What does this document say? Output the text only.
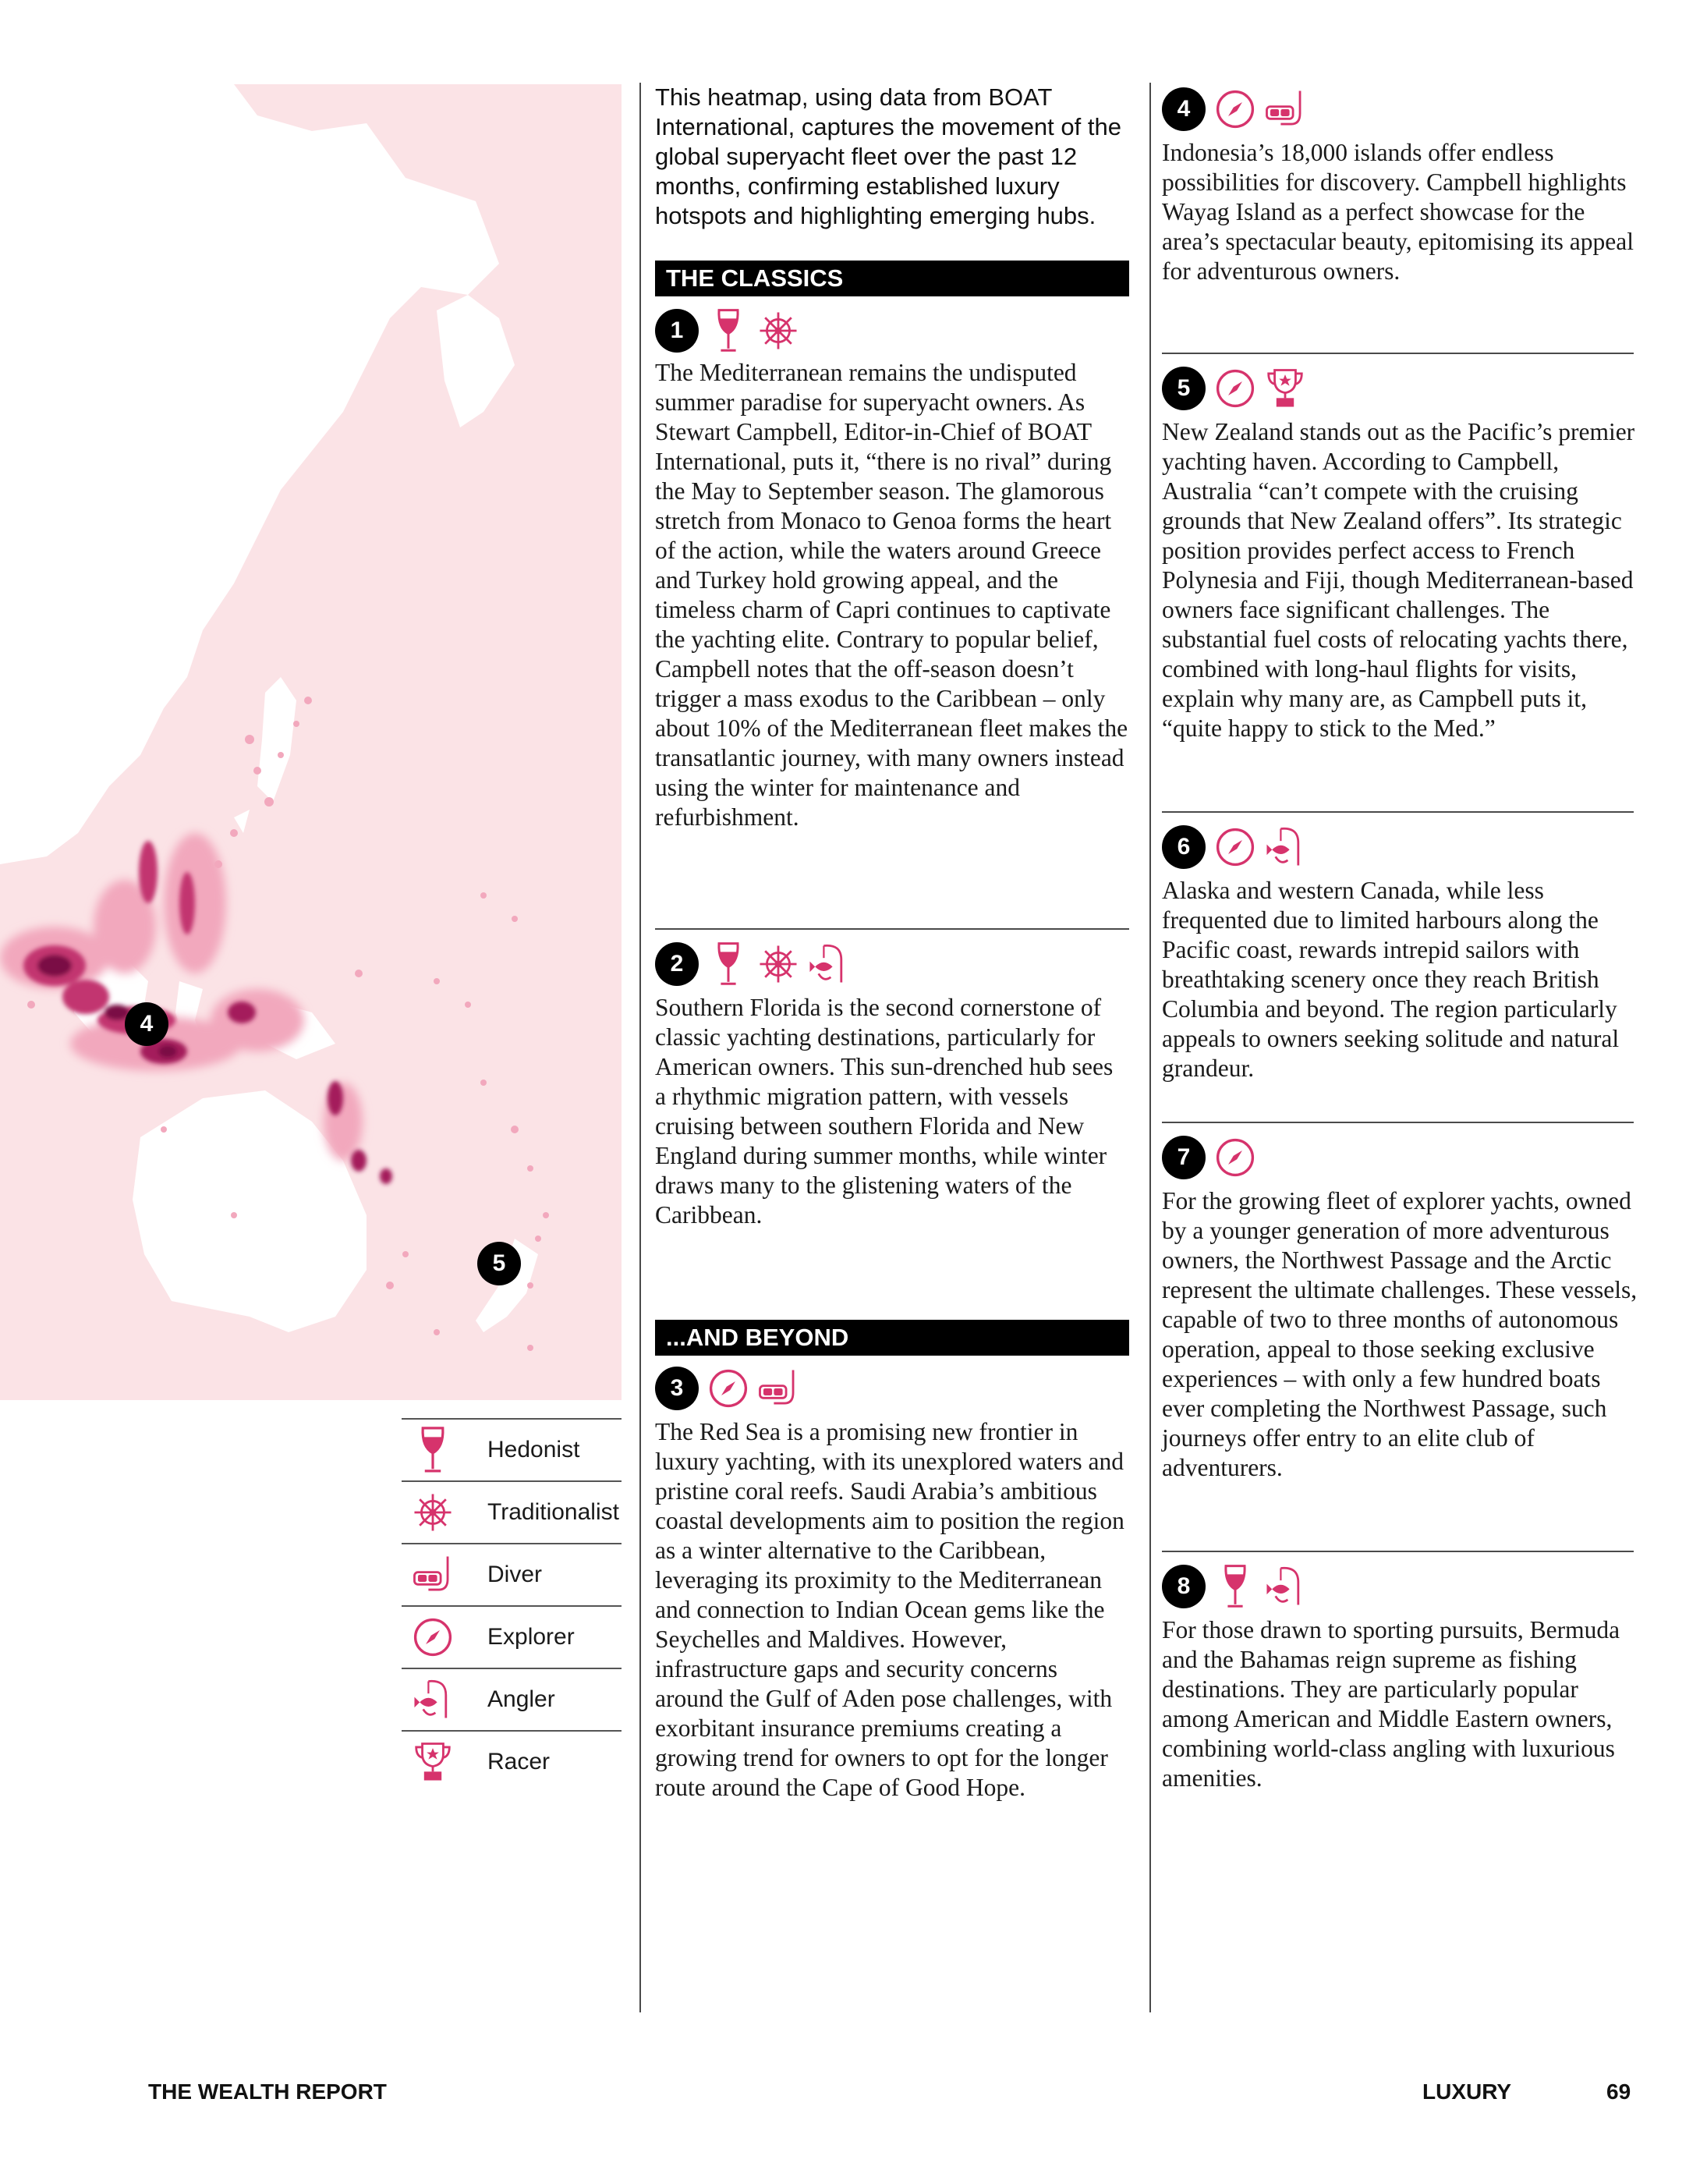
4
5
Hedonist
Traditionalist
Diver
Explorer
Angler
Racer
This heatmap, using data from BOAT International, captures the movement of the global superyacht fleet over the past 12 months, confirming established luxury hotspots and highlighting emerging hubs.
THE CLASSICS
1
The Mediterranean remains the undisputed summer paradise for superyacht owners. As Stewart Campbell, Editor-in-Chief of BOAT International, puts it, “there is no rival” during the May to September season. The glamorous stretch from Monaco to Genoa forms the heart of the action, while the waters around Greece and Turkey hold growing appeal, and the timeless charm of Capri continues to captivate the yachting elite. Contrary to popular belief, Campbell notes that the off-season doesn’t trigger a mass exodus to the Caribbean – only about 10% of the Mediterranean fleet makes the transatlantic journey, with many owners instead using the winter for maintenance and refurbishment.
2
Southern Florida is the second cornerstone of classic yachting destinations, particularly for American owners. This sun-drenched hub sees a rhythmic migration pattern, with vessels cruising between southern Florida and New England during summer months, while winter draws many to the glistening waters of the Caribbean.
...AND BEYOND
3
The Red Sea is a promising new frontier in luxury yachting, with its unexplored waters and pristine coral reefs. Saudi Arabia’s ambitious coastal developments aim to position the region as a winter alternative to the Caribbean, leveraging its proximity to the Mediterranean and connection to Indian Ocean gems like the Seychelles and Maldives. However, infrastructure gaps and security concerns around the Gulf of Aden pose challenges, with exorbitant insurance premiums creating a growing trend for owners to opt for the longer route around the Cape of Good Hope.
4
Indonesia’s 18,000 islands offer endless possibilities for discovery. Campbell highlights Wayag Island as a perfect showcase for the area’s spectacular beauty, epitomising its appeal for adventurous owners.
5
New Zealand stands out as the Pacific’s premier yachting haven. According to Campbell, Australia “can’t compete with the cruising grounds that New Zealand offers”. Its strategic position provides perfect access to French Polynesia and Fiji, though Mediterranean-based owners face significant challenges. The substantial fuel costs of relocating yachts there, combined with long-haul flights for visits, explain why many are, as Campbell puts it, “quite happy to stick to the Med.”
6
Alaska and western Canada, while less frequented due to limited harbours along the Pacific coast, rewards intrepid sailors with breathtaking scenery once they reach British Columbia and beyond. The region particularly appeals to owners seeking solitude and natural grandeur.
7
For the growing fleet of explorer yachts, owned by a younger generation of more adventurous owners, the Northwest Passage and the Arctic represent the ultimate challenges. These vessels, capable of two to three months of autonomous operation, appeal to those seeking exclusive experiences – with only a few hundred boats ever completing the Northwest Passage, such journeys offer entry to an elite club of adventurers.
8
For those drawn to sporting pursuits, Bermuda and the Bahamas reign supreme as fishing destinations. They are particularly popular among American and Middle Eastern owners, combining world-class angling with luxurious amenities.
THE WEALTH REPORT	LUXURY	69
